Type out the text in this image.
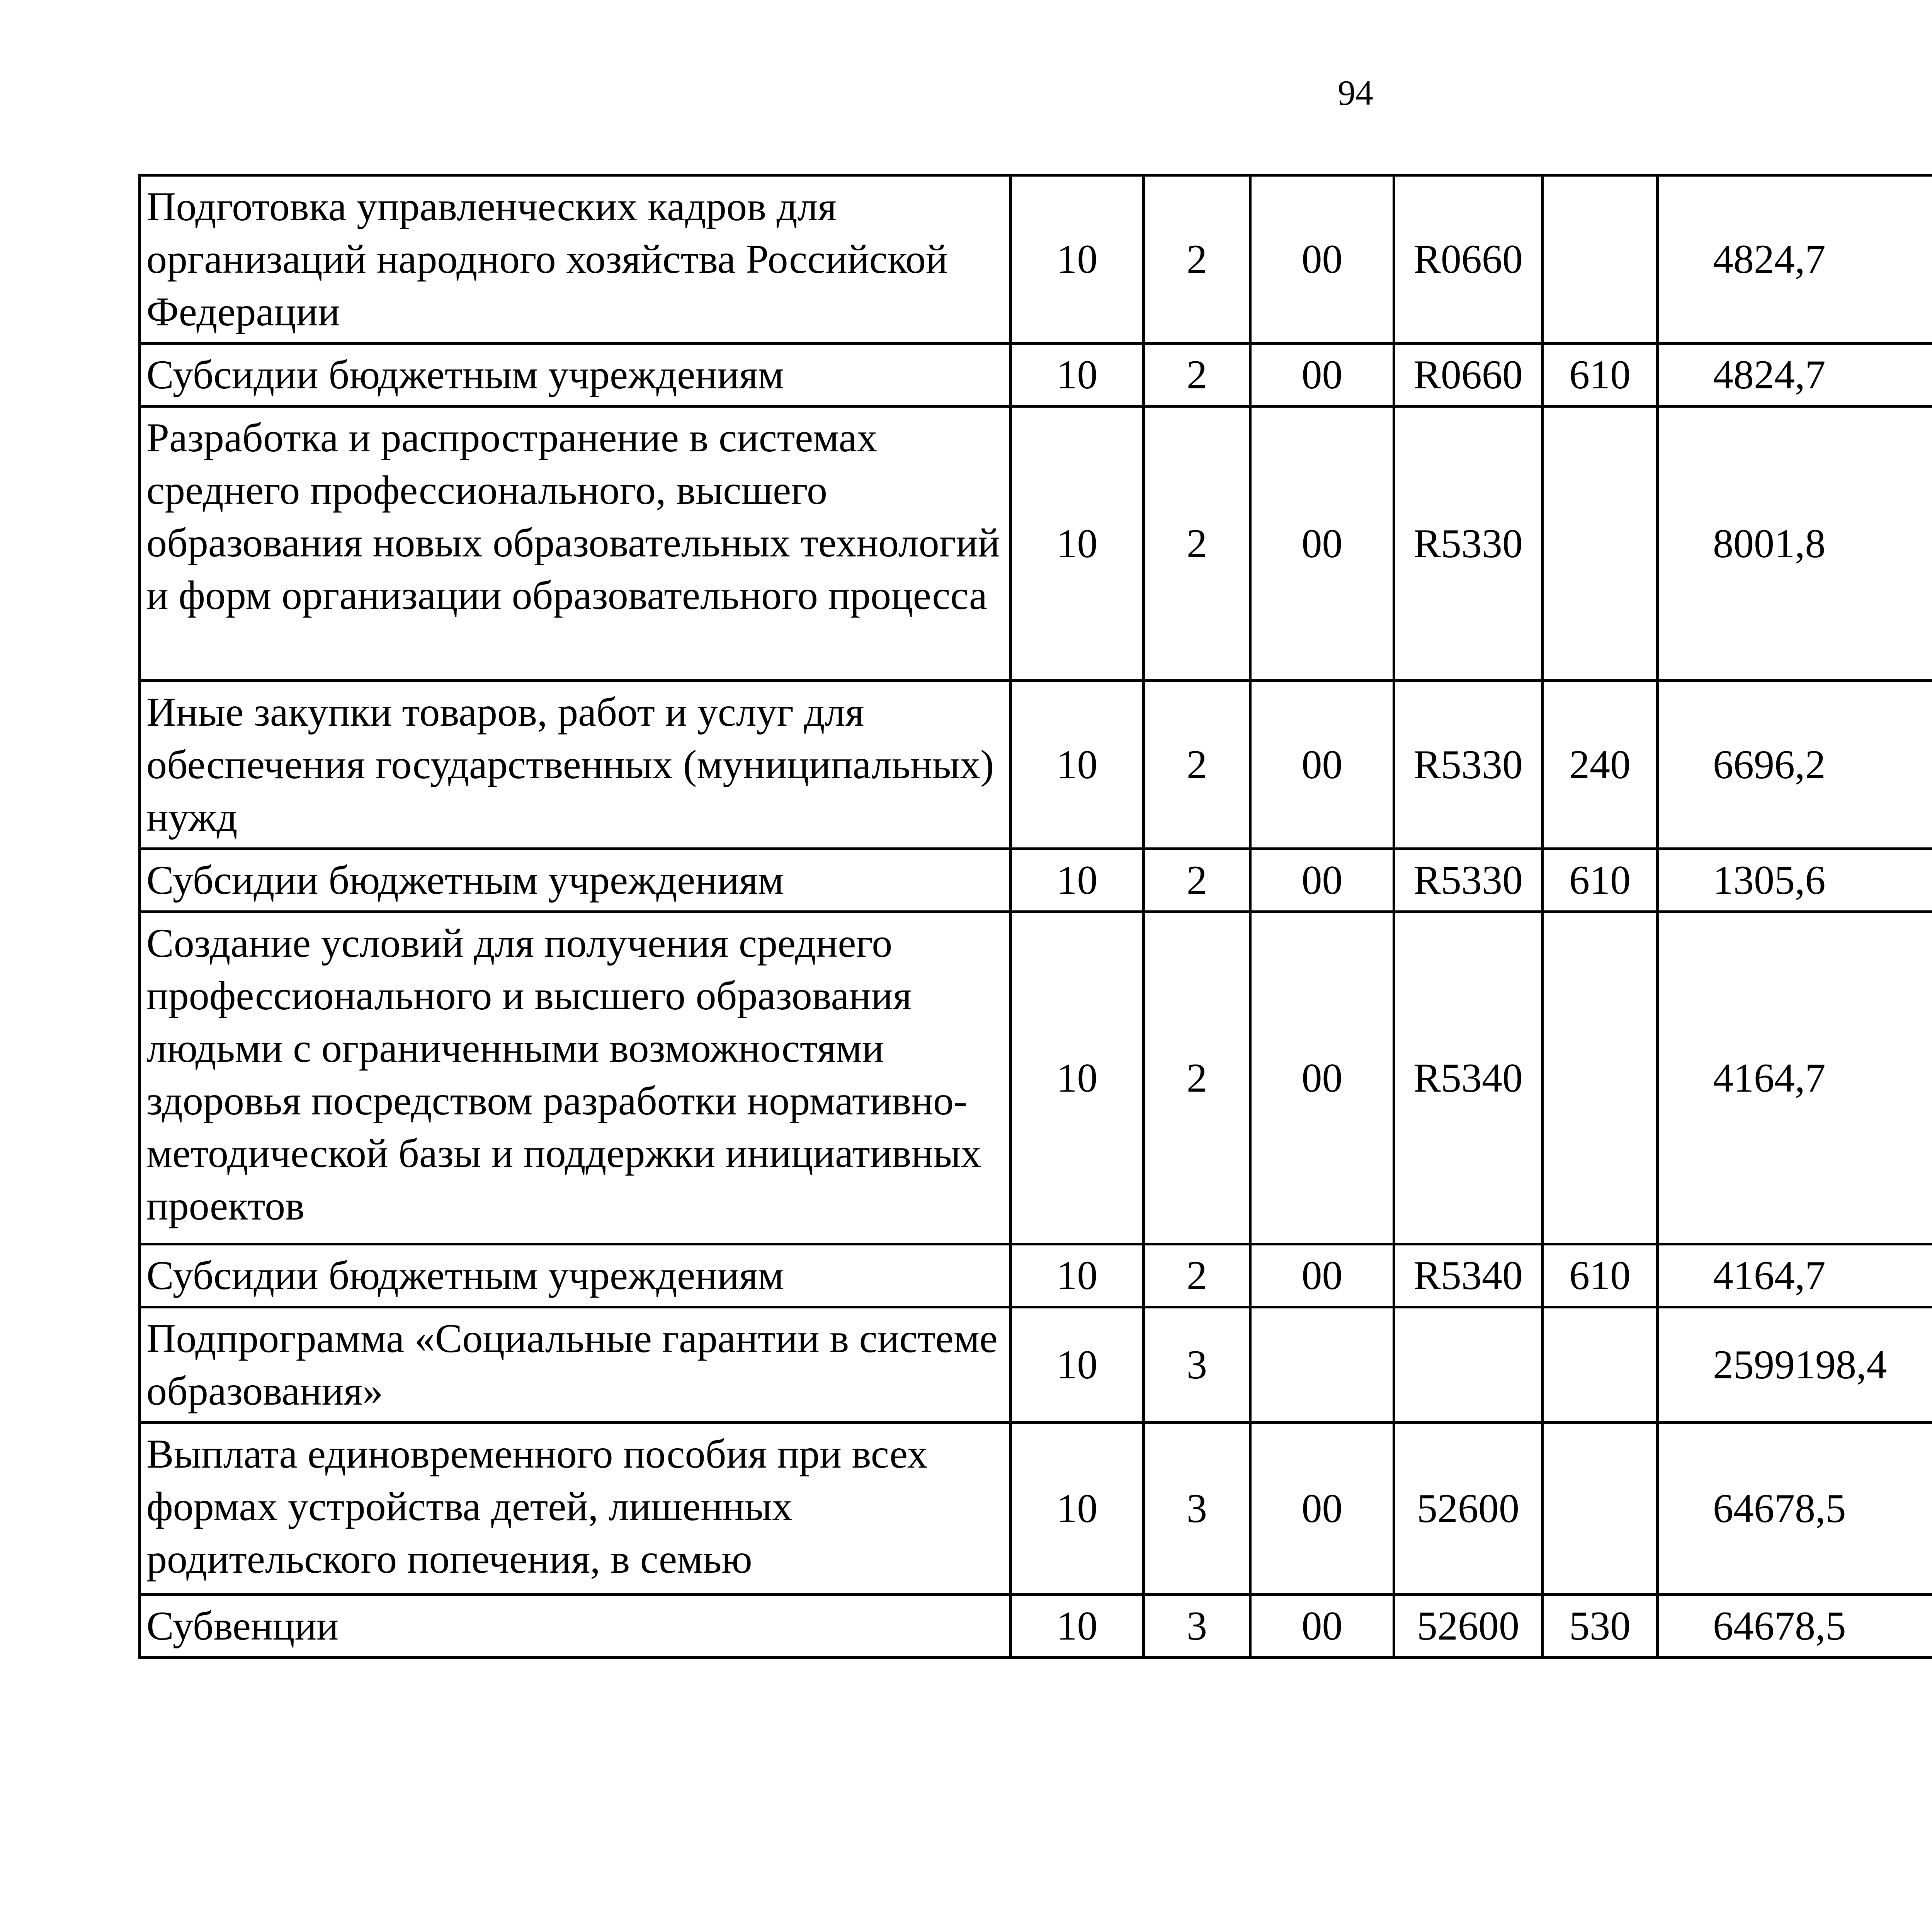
94
Подготовка управленческих кадров для организаций народного хозяйства Российской Федерации	10	2	00	R0660		4824,7		
Субсидии бюджетным учреждениям	10	2	00	R0660	610	4824,7		
Разработка и распространение в системах среднего профессионального, высшего образования новых образовательных технологий и форм организации образовательного процесса	10	2	00	R5330		8001,8		
Иные закупки товаров, работ и услуг для обеспечения государственных (муниципальных) нужд	10	2	00	R5330	240	6696,2		
Субсидии бюджетным учреждениям	10	2	00	R5330	610	1305,6		
Создание условий для получения среднего профессионального и высшего образования людьми с ограниченными возможностями здоровья посредством разработки нормативно-методической базы и поддержки инициативных проектов	10	2	00	R5340		4164,7		
Субсидии бюджетным учреждениям	10	2	00	R5340	610	4164,7		
Подпрограмма «Социальные гарантии в системе образования»	10	3				2599198,4		
Выплата единовременного пособия при всех формах устройства детей, лишенных родительского попечения, в семью	10	3	00	52600		64678,5		
Субвенции	10	3	00	52600	530	64678,5		
